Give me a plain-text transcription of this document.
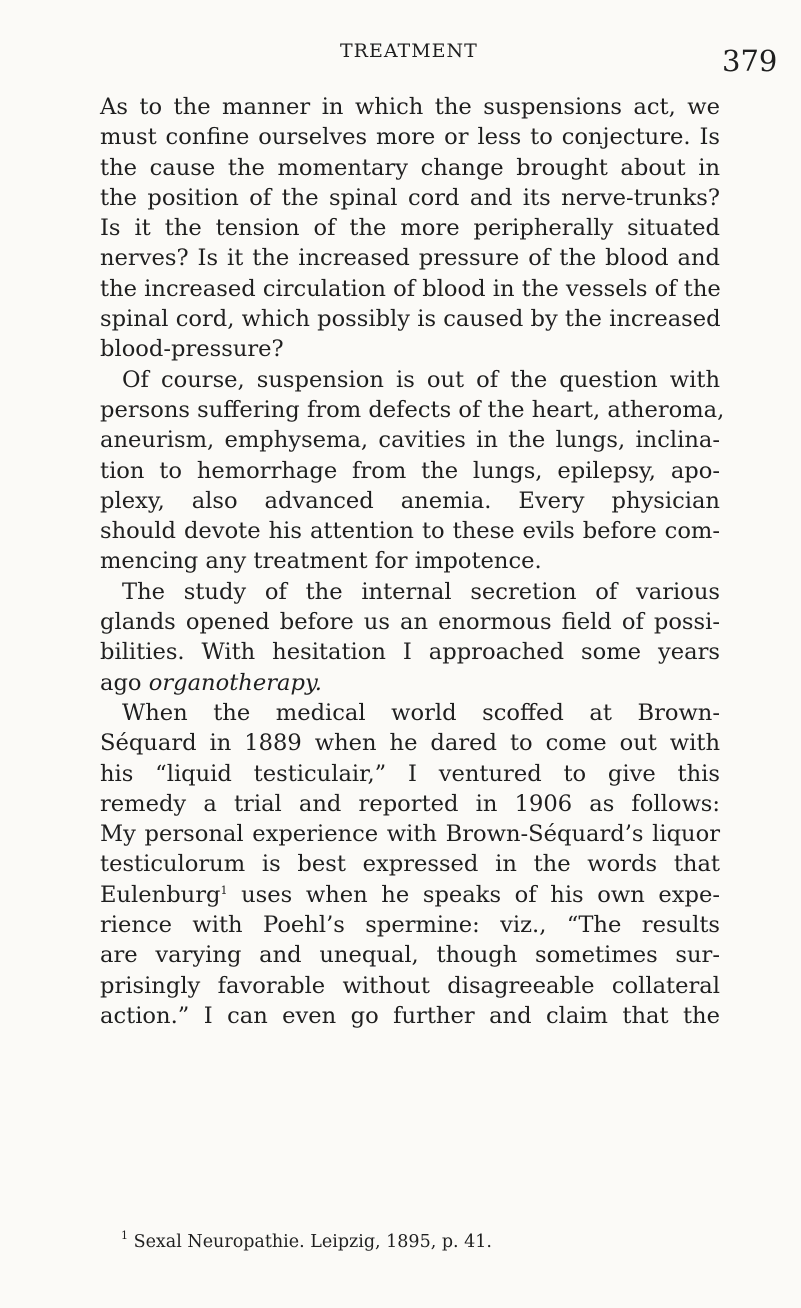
TREATMENT	379
As to the manner in which the suspensions act, we
must confine ourselves more or less to conjecture. Is
the cause the momentary change brought about in
the position of the spinal cord and its nerve-trunks?
Is it the tension of the more peripherally situated
nerves? Is it the increased pressure of the blood and
the increased circulation of blood in the vessels of the
spinal cord, which possibly is caused by the increased
blood-pressure?
Of course, suspension is out of the question with
persons suffering from defects of the heart, atheroma,
aneurism, emphysema, cavities in the lungs, inclina-
tion to hemorrhage from the lungs, epilepsy, apo-
plexy, also advanced anemia. Every physician
should devote his attention to these evils before com-
mencing any treatment for impotence.
The study of the internal secretion of various
glands opened before us an enormous field of possi-
bilities. With hesitation I approached some years
ago organotherapy.
When the medical world scoffed at Brown-
Séquard in 1889 when he dared to come out with
his “liquid testiculair,” I ventured to give this
remedy a trial and reported in 1906 as follows:
My personal experience with Brown-Séquard’s liquor
testiculorum is best expressed in the words that
Eulenburg$^1$ uses when he speaks of his own expe-
rience with Poehl’s spermine: viz., “The results
are varying and unequal, though sometimes sur-
prisingly favorable without disagreeable collateral
action.” I can even go further and claim that the
$^1$ Sexal Neuropathie. Leipzig, 1895, p. 41.
